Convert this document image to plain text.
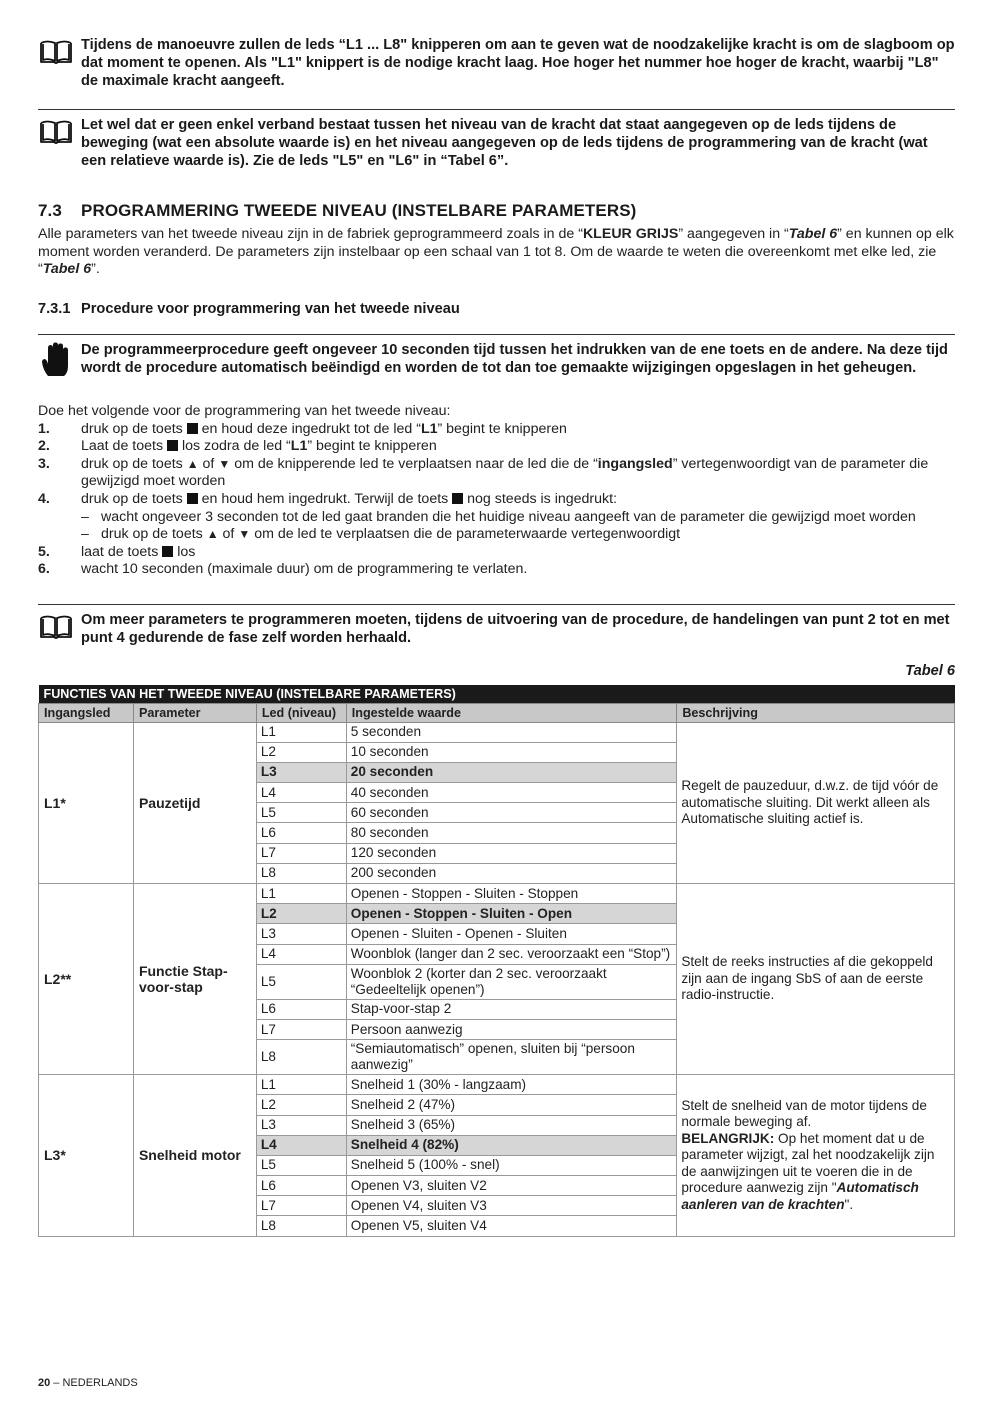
Tijdens de manoeuvre zullen de leds “L1 ... L8" knipperen om aan te geven wat de noodzakelijke kracht is om de slagboom op dat moment te openen. Als "L1" knippert is de nodige kracht laag. Hoe hoger het nummer hoe hoger de kracht, waarbij "L8" de maximale kracht aangeeft.
Let wel dat er geen enkel verband bestaat tussen het niveau van de kracht dat staat aangegeven op de leds tijdens de beweging (wat een absolute waarde is) en het niveau aangegeven op de leds tijdens de programmering van de kracht (wat een relatieve waarde is). Zie de leds "L5" en "L6" in “Tabel 6”.
7.3 PROGRAMMERING TWEEDE NIVEAU (INSTELBARE PARAMETERS)
Alle parameters van het tweede niveau zijn in de fabriek geprogrammeerd zoals in de “KLEUR GRIJS” aangegeven in “Tabel 6” en kunnen op elk moment worden veranderd. De parameters zijn instelbaar op een schaal van 1 tot 8. Om de waarde te weten die overeenkomt met elke led, zie “Tabel 6”.
7.3.1 Procedure voor programmering van het tweede niveau
De programmeerprocedure geeft ongeveer 10 seconden tijd tussen het indrukken van de ene toets en de andere. Na deze tijd wordt de procedure automatisch beëindigd en worden de tot dan toe gemaakte wijzigingen opgeslagen in het geheugen.
Doe het volgende voor de programmering van het tweede niveau:
1.	druk op de toets en houd deze ingedrukt tot de led “L1” begint te knipperen
2.	Laat de toets los zodra de led “L1” begint te knipperen
3.	druk op de toets ▲ of ▼ om de knipperende led te verplaatsen naar de led die de “ingangsled” vertegenwoordigt van de parameter die gewijzigd moet worden
4.	druk op de toets en houd hem ingedrukt. Terwijl de toets nog steeds is ingedrukt:
– wacht ongeveer 3 seconden tot de led gaat branden die het huidige niveau aangeeft van de parameter die gewijzigd moet worden
– druk op de toets ▲ of ▼ om de led te verplaatsen die de parameterwaarde vertegenwoordigt
5.	laat de toets los
6.	wacht 10 seconden (maximale duur) om de programmering te verlaten.
Om meer parameters te programmeren moeten, tijdens de uitvoering van de procedure, de handelingen van punt 2 tot en met punt 4 gedurende de fase zelf worden herhaald.
Tabel 6
FUNCTIES VAN HET TWEEDE NIVEAU (INSTELBARE PARAMETERS)				
Ingangsled	Parameter	Led (niveau)	Ingestelde waarde	Beschrijving
L1*	Pauzetijd	L1	5 seconden	Regelt de pauzeduur, d.w.z. de tijd vóór de automatische sluiting. Dit werkt alleen als Automatische sluiting actief is.
		L2	10 seconden	
		L3	20 seconden	
		L4	40 seconden	
		L5	60 seconden	
		L6	80 seconden	
		L7	120 seconden	
		L8	200 seconden	
L2**	Functie Stap-voor-stap	L1	Openen - Stoppen - Sluiten - Stoppen	Stelt de reeks instructies af die gekoppeld zijn aan de ingang SbS of aan de eerste radio-instructie.
		L2	Openen - Stoppen - Sluiten - Open	
		L3	Openen - Sluiten - Openen - Sluiten	
		L4	Woonblok (langer dan 2 sec. veroorzaakt een “Stop”)	
		L5	Woonblok 2 (korter dan 2 sec. veroorzaakt “Gedeeltelijk openen”)	
		L6	Stap-voor-stap 2	
		L7	Persoon aanwezig	
		L8	“Semiautomatisch” openen, sluiten bij “persoon aanwezig”	
L3*	Snelheid motor	L1	Snelheid 1 (30% - langzaam)	Stelt de snelheid van de motor tijdens de normale beweging af.
BELANGRIJK: Op het moment dat u de parameter wijzigt, zal het noodzakelijk zijn de aanwijzingen uit te voeren die in de procedure aanwezig zijn "Automatisch aanleren van de krachten".
		L2	Snelheid 2 (47%)	
		L3	Snelheid 3 (65%)	
		L4	Snelheid 4 (82%)	
		L5	Snelheid 5 (100% - snel)	
		L6	Openen V3, sluiten V2	
		L7	Openen V4, sluiten V3	
		L8	Openen V5, sluiten V4	
20 – NEDERLANDS
